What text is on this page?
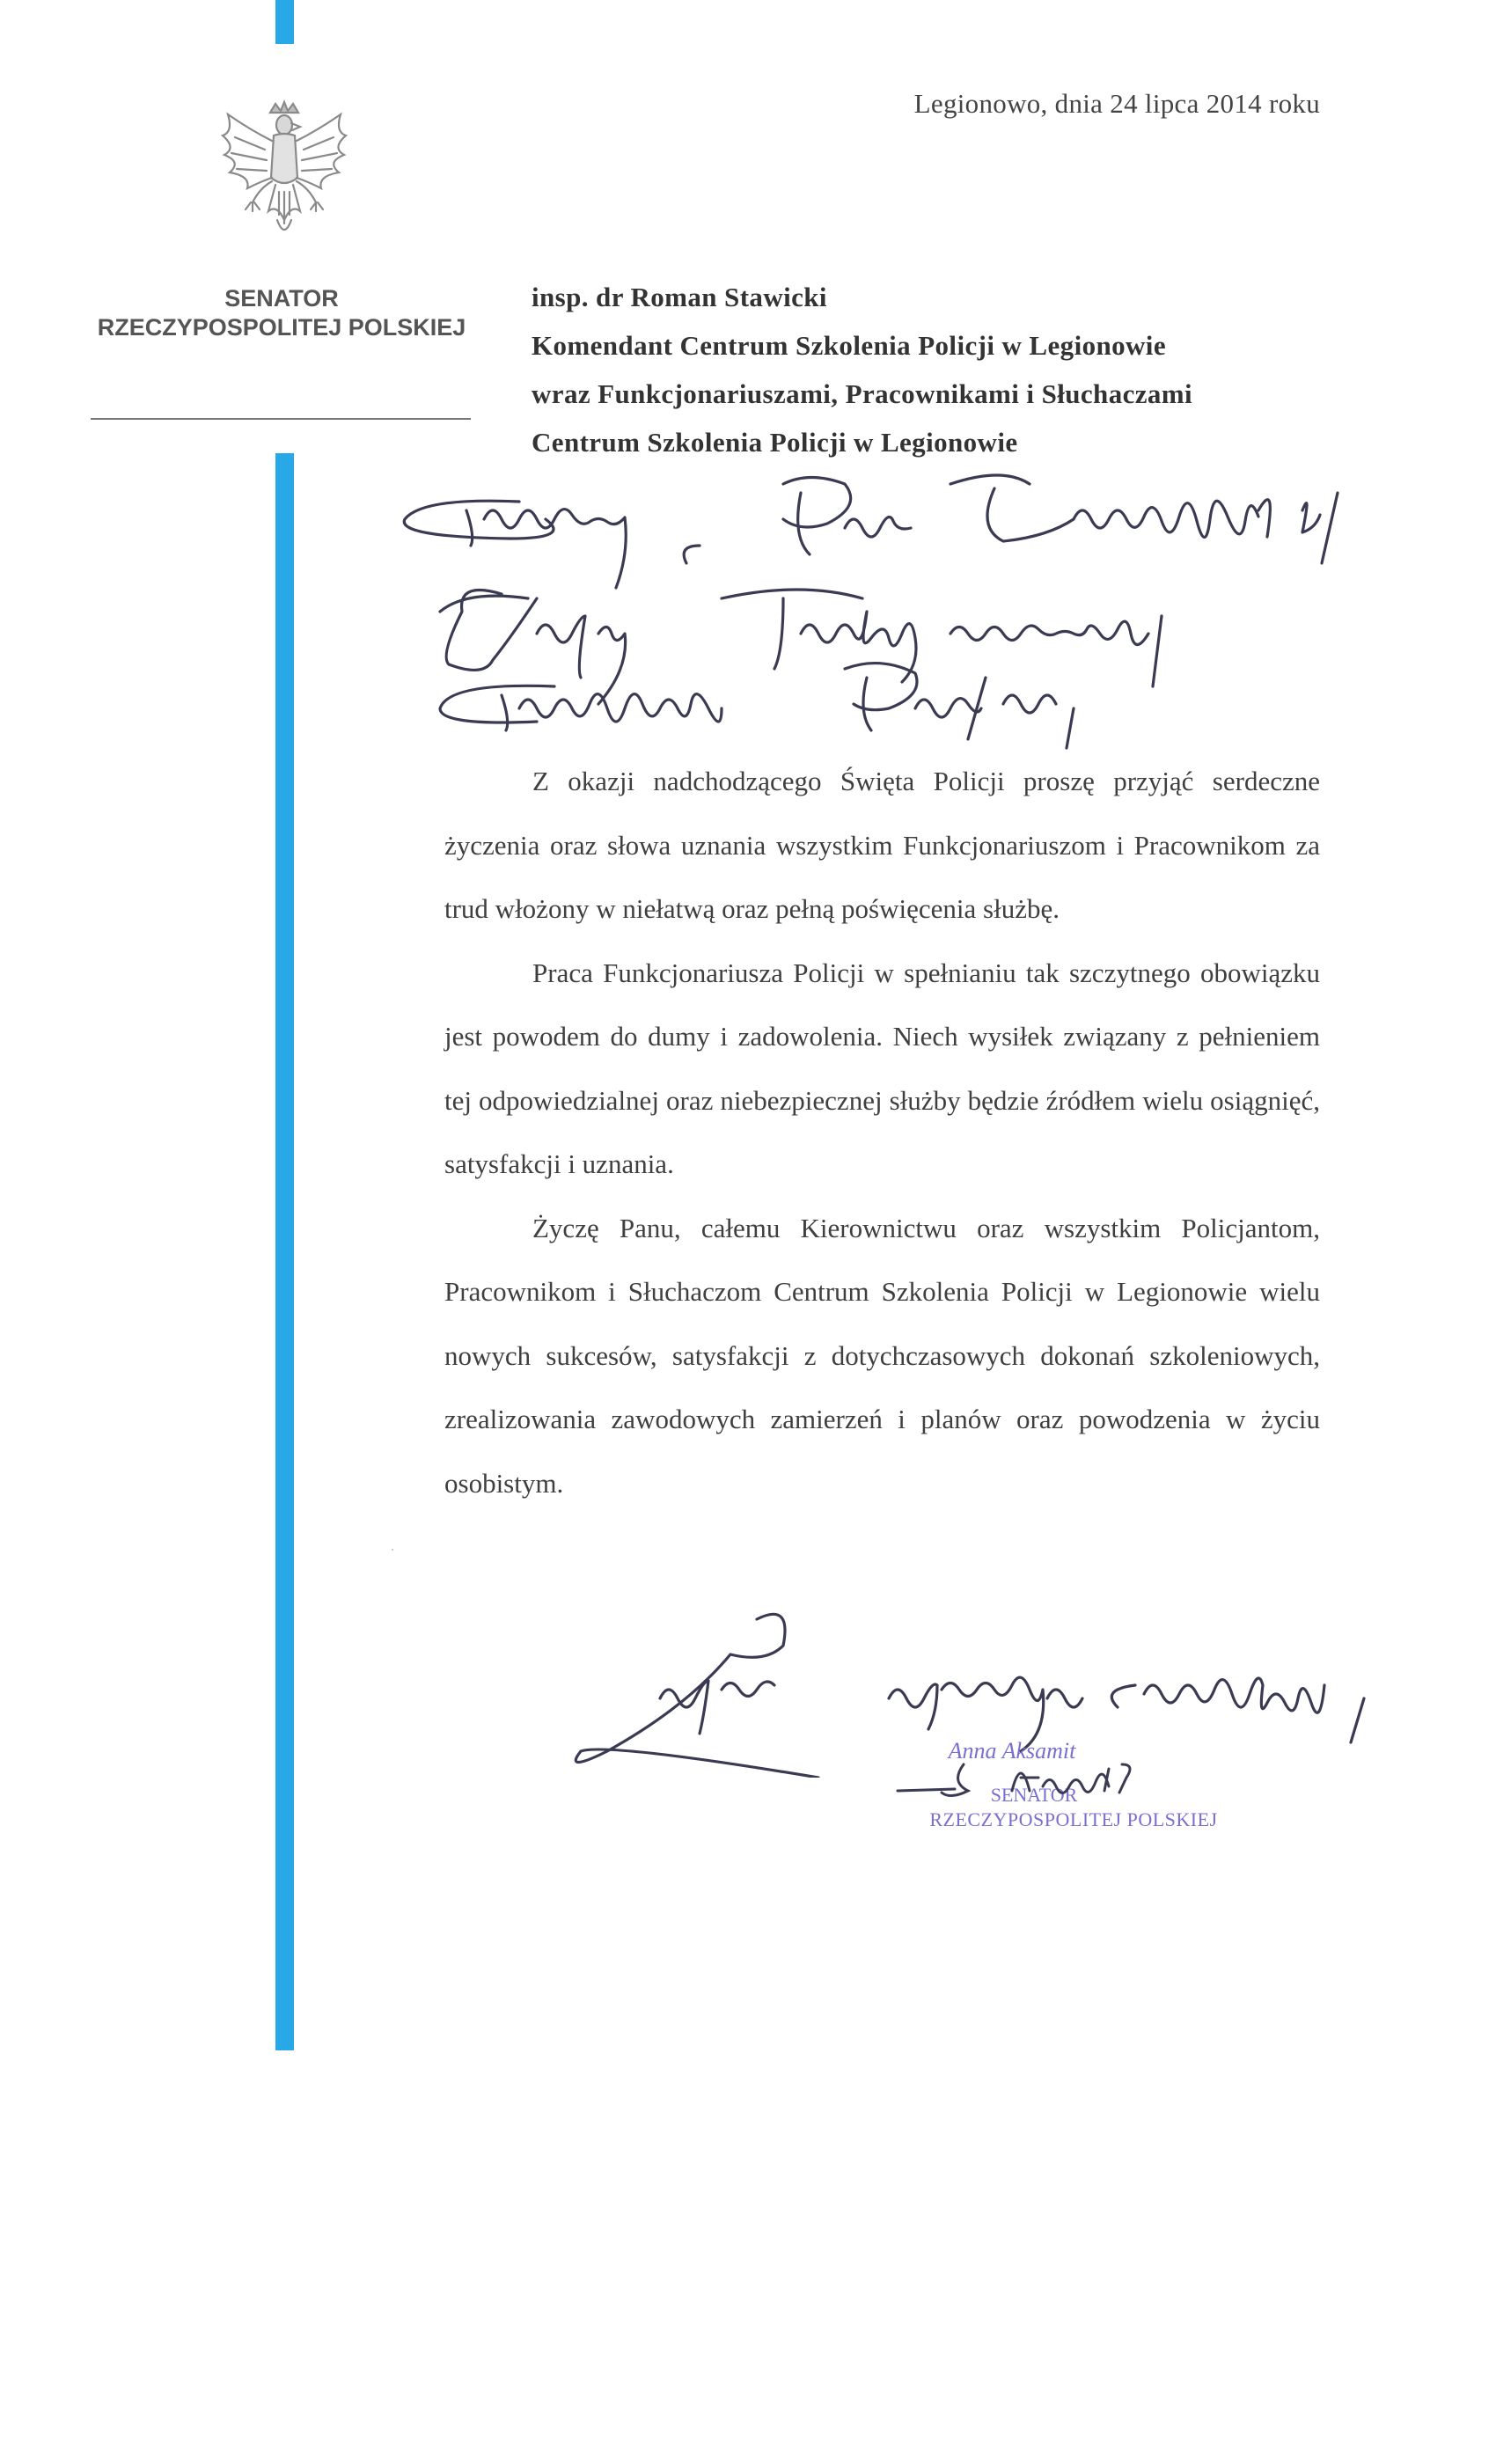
SENATOR
RZECZYPOSPOLITEJ POLSKIEJ
Legionowo, dnia 24 lipca 2014 roku
insp. dr Roman Stawicki
Komendant Centrum Szkolenia Policji w Legionowie
wraz Funkcjonariuszami, Pracownikami i Słuchaczami
Centrum Szkolenia Policji w Legionowie

Z okazji nadchodzącego Święta Policji proszę przyjąć serdeczne życzenia oraz słowa uznania wszystkim Funkcjonariuszom i Pracownikom za trud włożony w niełatwą oraz pełną poświęcenia służbę.

Praca Funkcjonariusza Policji w spełnianiu tak szczytnego obowiązku jest powodem do dumy i zadowolenia. Niech wysiłek związany z pełnieniem tej odpowiedzialnej oraz niebezpiecznej służby będzie źródłem wielu osiągnięć, satysfakcji i uznania.

Życzę Panu, całemu Kierownictwu oraz wszystkim Policjantom, Pracownikom i Słuchaczom Centrum Szkolenia Policji w Legionowie wielu nowych sukcesów, satysfakcji z dotychczasowych dokonań szkoleniowych, zrealizowania zawodowych zamierzeń i planów oraz powodzenia w życiu osobistym.

Anna Aksamit
SENATOR
RZECZYPOSPOLITEJ POLSKIEJ
